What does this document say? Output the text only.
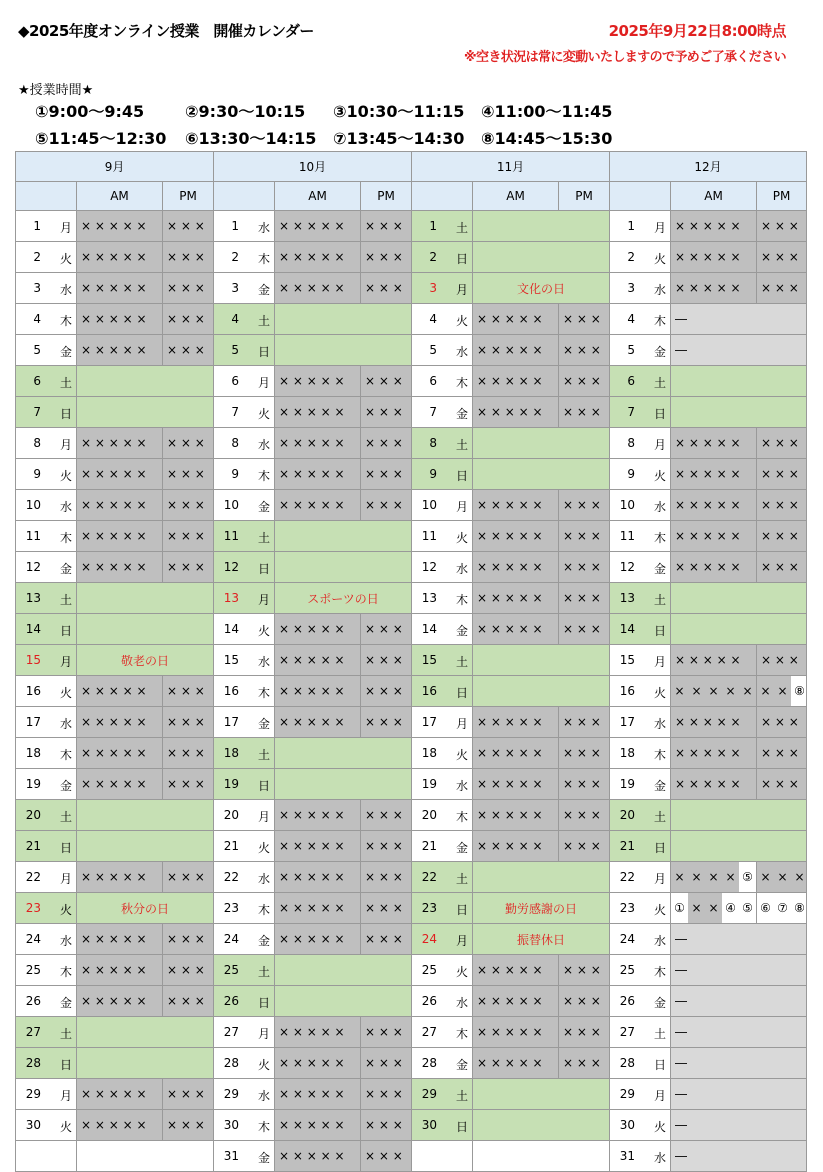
◆2025年度オンライン授業　開催カレンダー	2025年9月22日8:00時点
※空き状況は常に変動いたしますので予めご了承ください
★授業時間★
①9:00～9:45	②9:30～10:15 ③10:30～11:15 ④11:00～11:45
⑤11:45～12:30 ⑥13:30～14:15 ⑦13:45～14:30 ⑧14:45～15:30
9月			10月			11月			12月		
	AM	PM		AM	PM		AM	PM		AM	PM

1 月	× × × × ×	× × ×	1 水	× × × × ×	× × ×	1 土			1 月	× × × × ×	× × ×

2 火	× × × × ×	× × ×	2 木	× × × × ×	× × ×	2 日			2 火	× × × × ×	× × ×

3 水	× × × × ×	× × ×	3 金	× × × × ×	× × ×	3 月	文化の日		3 水	× × × × ×	× × ×

4 木	× × × × ×	× × ×	4 土			4 火	× × × × ×	× × ×	4 木	―	

5 金	× × × × ×	× × ×	5 日			5 水	× × × × ×	× × ×	5 金	―	

6 土			6 月	× × × × ×	× × ×	6 木	× × × × ×	× × ×	6 土		

7 日			7 火	× × × × ×	× × ×	7 金	× × × × ×	× × ×	7 日		

8 月	× × × × ×	× × ×	8 水	× × × × ×	× × ×	8 土			8 月	× × × × ×	× × ×

9 火	× × × × ×	× × ×	9 木	× × × × ×	× × ×	9 日			9 火	× × × × ×	× × ×

10 水	× × × × ×	× × ×	10 金	× × × × ×	× × ×	10 月	× × × × ×	× × ×	10 水	× × × × ×	× × ×

11 木	× × × × ×	× × ×	11 土			11 火	× × × × ×	× × ×	11 木	× × × × ×	× × ×

12 金	× × × × ×	× × ×	12 日			12 水	× × × × ×	× × ×	12 金	× × × × ×	× × ×

13 土			13 月	スポーツの日		13 木	× × × × ×	× × ×	13 土		

14 日			14 火	× × × × ×	× × ×	14 金	× × × × ×	× × ×	14 日		

15 月	敬老の日		15 水	× × × × ×	× × ×	15 土			15 月	× × × × ×	× × ×

16 火	× × × × ×	× × ×	16 木	× × × × ×	× × ×	16 日			16 火	× × × × ×	× × ⑧

17 水	× × × × ×	× × ×	17 金	× × × × ×	× × ×	17 月	× × × × ×	× × ×	17 水	× × × × ×	× × ×

18 木	× × × × ×	× × ×	18 土			18 火	× × × × ×	× × ×	18 木	× × × × ×	× × ×

19 金	× × × × ×	× × ×	19 日			19 水	× × × × ×	× × ×	19 金	× × × × ×	× × ×

20 土			20 月	× × × × ×	× × ×	20 木	× × × × ×	× × ×	20 土		

21 日			21 火	× × × × ×	× × ×	21 金	× × × × ×	× × ×	21 日		

22 月	× × × × ×	× × ×	22 水	× × × × ×	× × ×	22 土			22 月	× × × × ⑤	× × ×

23 火	秋分の日		23 木	× × × × ×	× × ×	23 日	勤労感謝の日		23 火	① × × ④ ⑤	⑥ ⑦ ⑧

24 水	× × × × ×	× × ×	24 金	× × × × ×	× × ×	24 月	振替休日		24 水	―	

25 木	× × × × ×	× × ×	25 土			25 火	× × × × ×	× × ×	25 木	―	

26 金	× × × × ×	× × ×	26 日			26 水	× × × × ×	× × ×	26 金	―	

27 土			27 月	× × × × ×	× × ×	27 木	× × × × ×	× × ×	27 土	―	

28 日			28 火	× × × × ×	× × ×	28 金	× × × × ×	× × ×	28 日	―	

29 月	× × × × ×	× × ×	29 水	× × × × ×	× × ×	29 土			29 月	―	

30 火	× × × × ×	× × ×	30 木	× × × × ×	× × ×	30 日			30 火	―	

			31 金	× × × × ×	× × ×				31 水	―	
